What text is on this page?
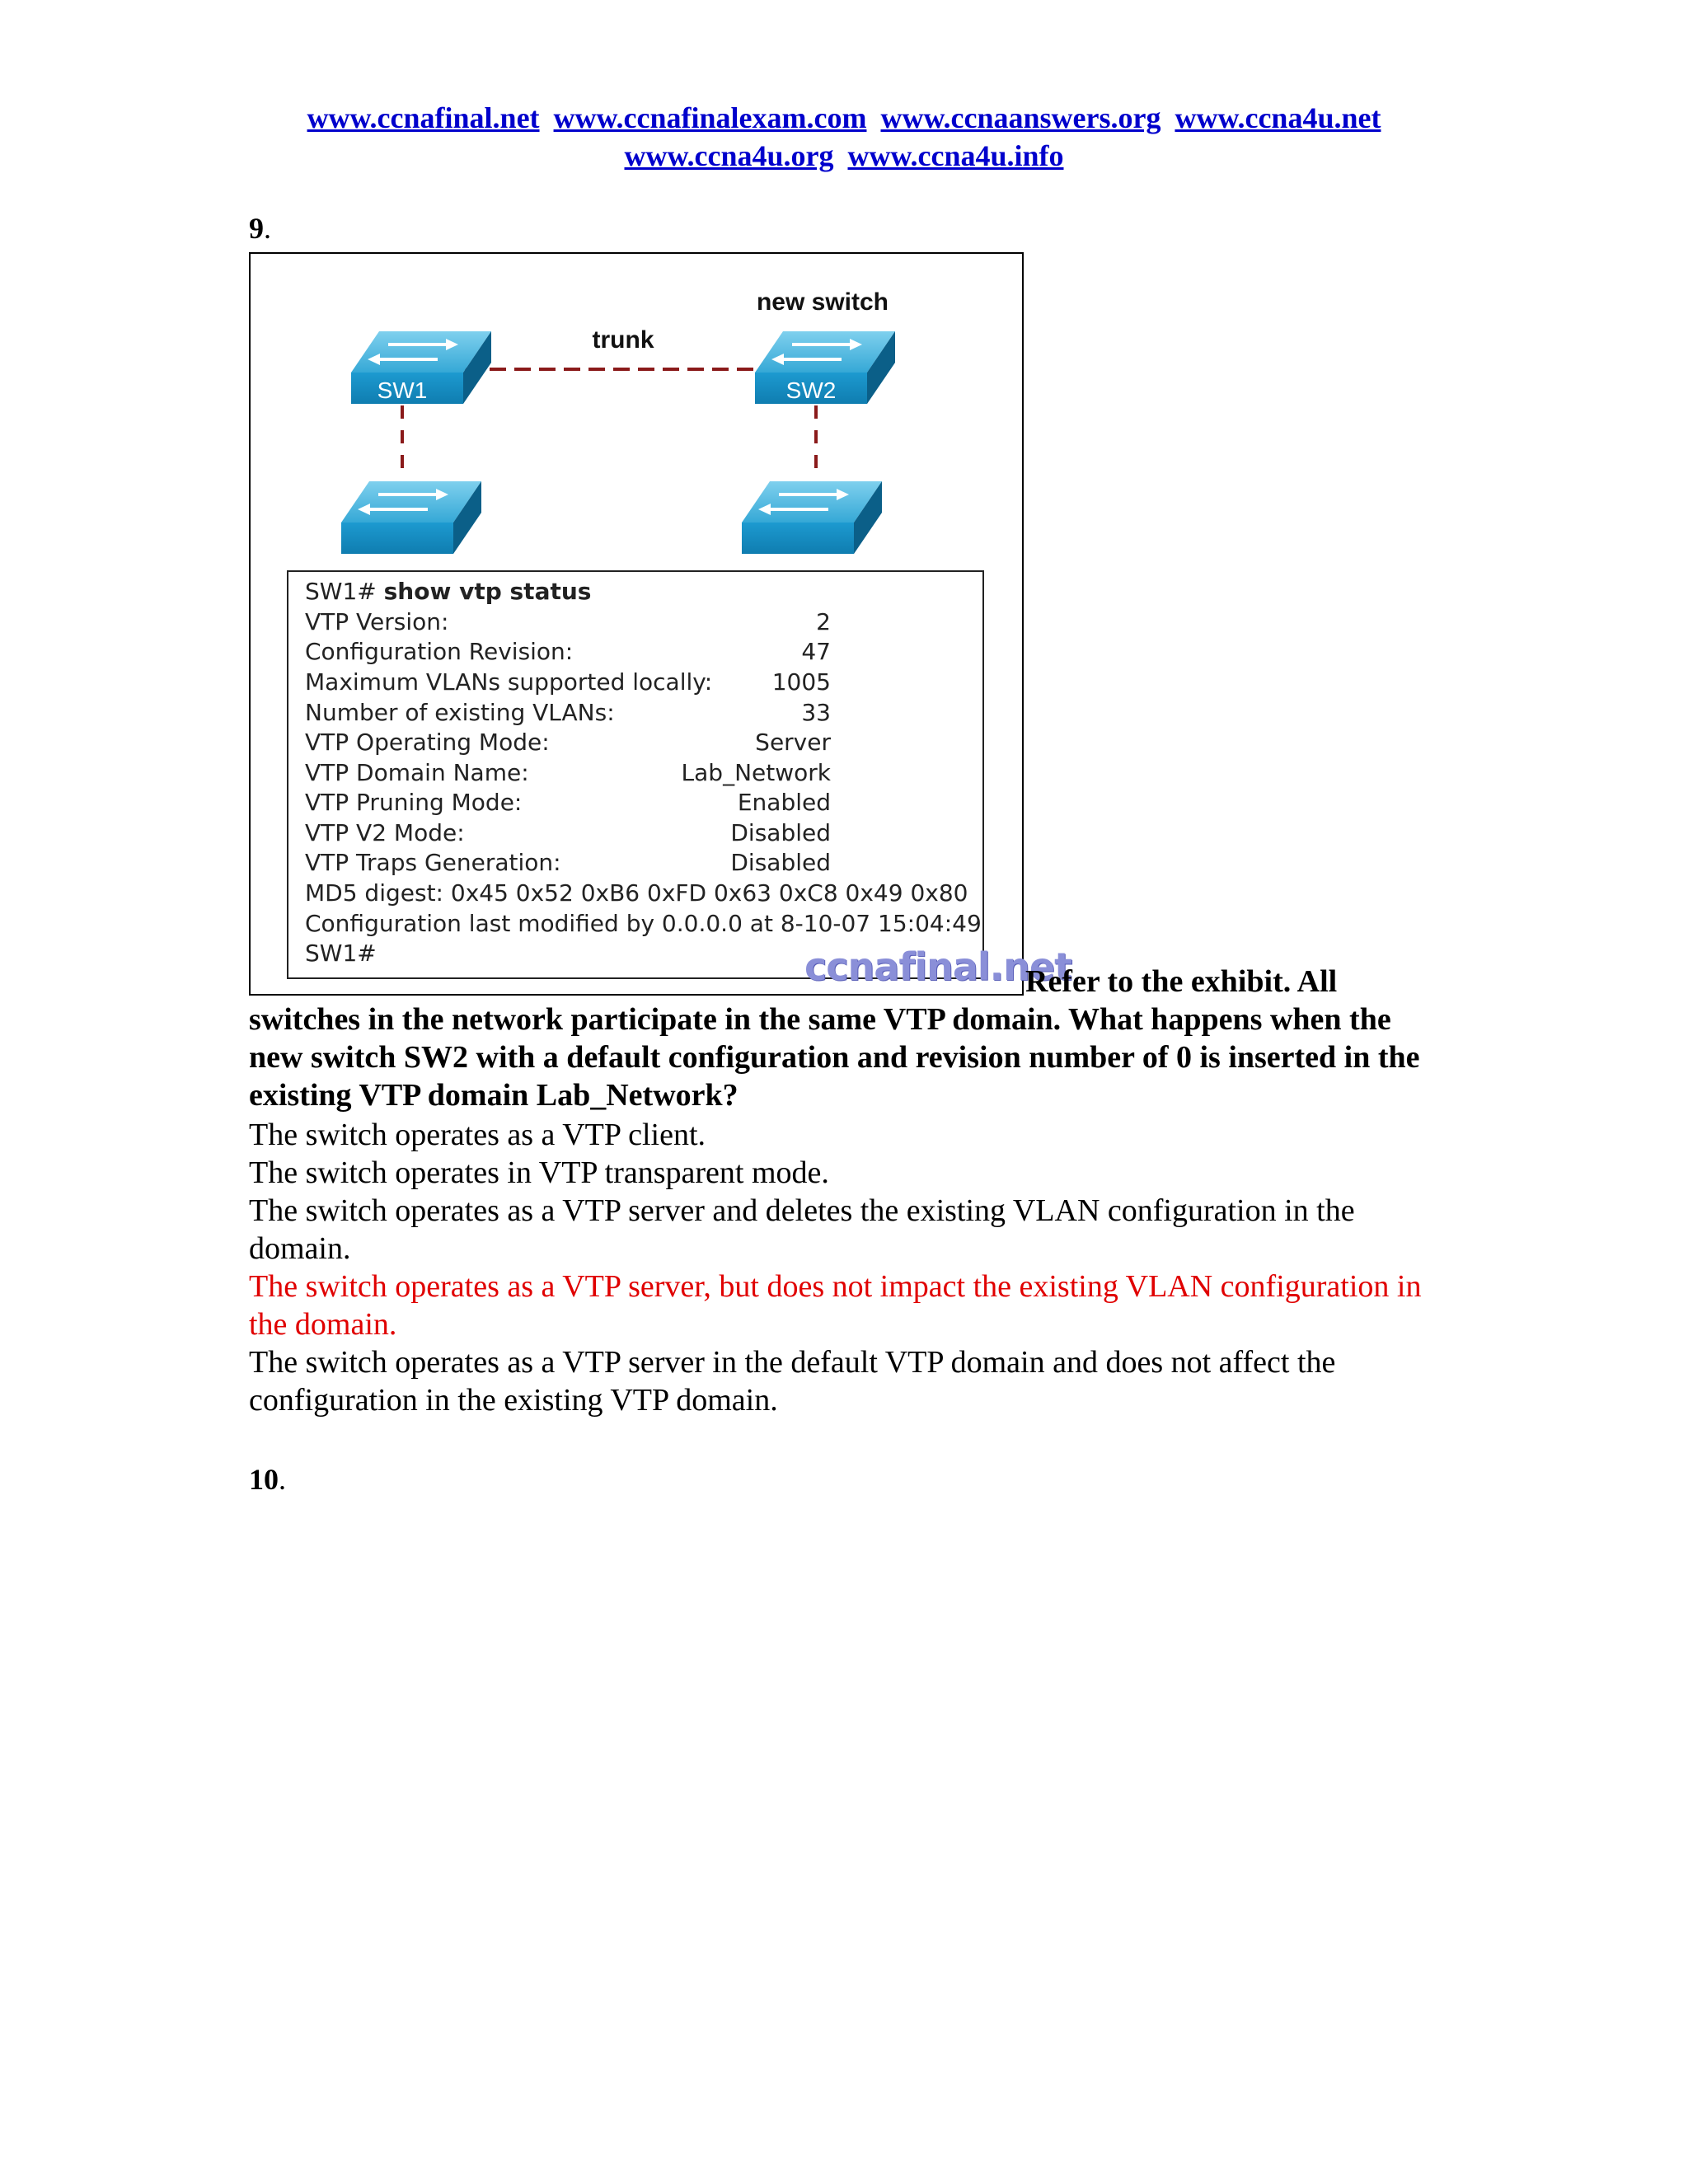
www.ccnafinal.net www.ccnafinalexam.com www.ccnaanswers.org www.ccna4u.net
www.ccna4u.org www.ccna4u.info
9.
SW1	SW2
new switch
trunk
SW1# show vtp status
VTP Version:	2
Configuration Revision:	47
Maximum VLANs supported locally:	1005
Number of existing VLANs:	33
VTP Operating Mode:	Server
VTP Domain Name:	Lab_Network
VTP Pruning Mode:	Enabled
VTP V2 Mode:	Disabled
VTP Traps Generation:	Disabled
MD5 digest: 0x45 0x52 0xB6 0xFD 0x63 0xC8 0x49 0x80
Configuration last modified by 0.0.0.0 at 8-10-07 15:04:49
SW1#	ccnafinal.net
Refer to the exhibit. All
switches in the network participate in the same VTP domain. What happens when the new switch SW2 with a default configuration and revision number of 0 is inserted in the existing VTP domain Lab_Network?
The switch operates as a VTP client.
The switch operates in VTP transparent mode.
The switch operates as a VTP server and deletes the existing VLAN configuration in the domain.
The switch operates as a VTP server, but does not impact the existing VLAN configuration in the domain.
The switch operates as a VTP server in the default VTP domain and does not affect the configuration in the existing VTP domain.
10.
